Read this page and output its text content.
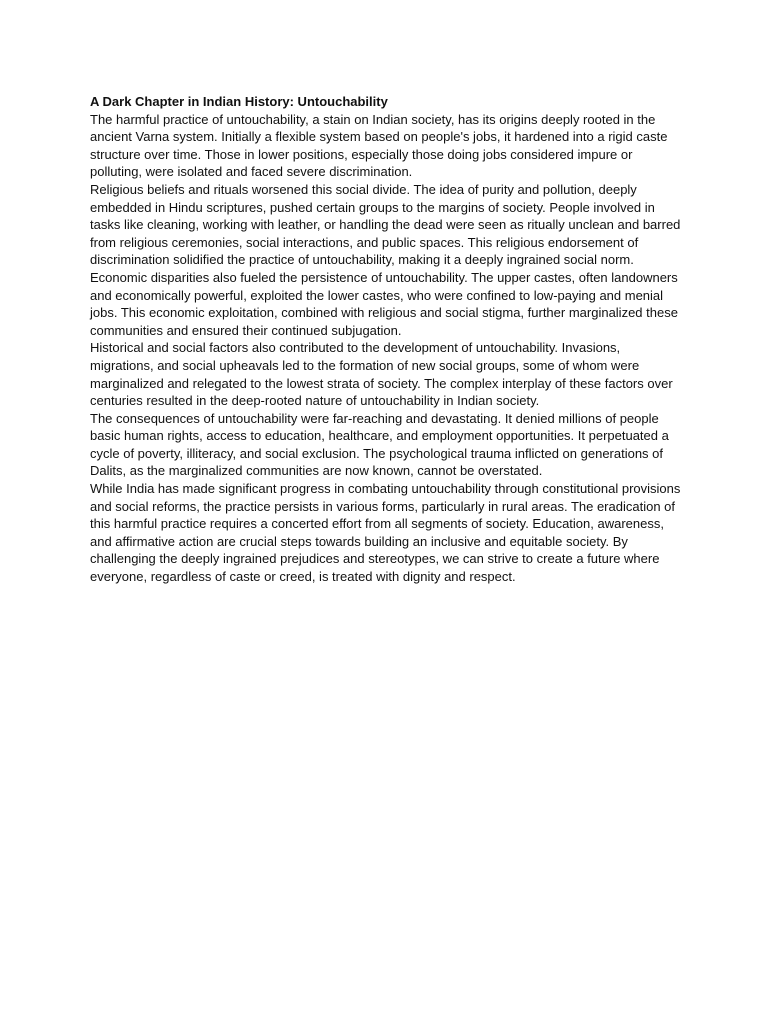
A Dark Chapter in Indian History: Untouchability

The harmful practice of untouchability, a stain on Indian society, has its origins deeply rooted in the ancient Varna system. Initially a flexible system based on people's jobs, it hardened into a rigid caste structure over time. Those in lower positions, especially those doing jobs considered impure or polluting, were isolated and faced severe discrimination.

Religious beliefs and rituals worsened this social divide. The idea of purity and pollution, deeply embedded in Hindu scriptures, pushed certain groups to the margins of society. People involved in tasks like cleaning, working with leather, or handling the dead were seen as ritually unclean and barred from religious ceremonies, social interactions, and public spaces. This religious endorsement of discrimination solidified the practice of untouchability, making it a deeply ingrained social norm.

Economic disparities also fueled the persistence of untouchability. The upper castes, often landowners and economically powerful, exploited the lower castes, who were confined to low-paying and menial jobs. This economic exploitation, combined with religious and social stigma, further marginalized these communities and ensured their continued subjugation.

Historical and social factors also contributed to the development of untouchability. Invasions, migrations, and social upheavals led to the formation of new social groups, some of whom were marginalized and relegated to the lowest strata of society. The complex interplay of these factors over centuries resulted in the deep-rooted nature of untouchability in Indian society.

The consequences of untouchability were far-reaching and devastating. It denied millions of people basic human rights, access to education, healthcare, and employment opportunities. It perpetuated a cycle of poverty, illiteracy, and social exclusion. The psychological trauma inflicted on generations of Dalits, as the marginalized communities are now known, cannot be overstated.

While India has made significant progress in combating untouchability through constitutional provisions and social reforms, the practice persists in various forms, particularly in rural areas. The eradication of this harmful practice requires a concerted effort from all segments of society. Education, awareness, and affirmative action are crucial steps towards building an inclusive and equitable society. By challenging the deeply ingrained prejudices and stereotypes, we can strive to create a future where everyone, regardless of caste or creed, is treated with dignity and respect.
